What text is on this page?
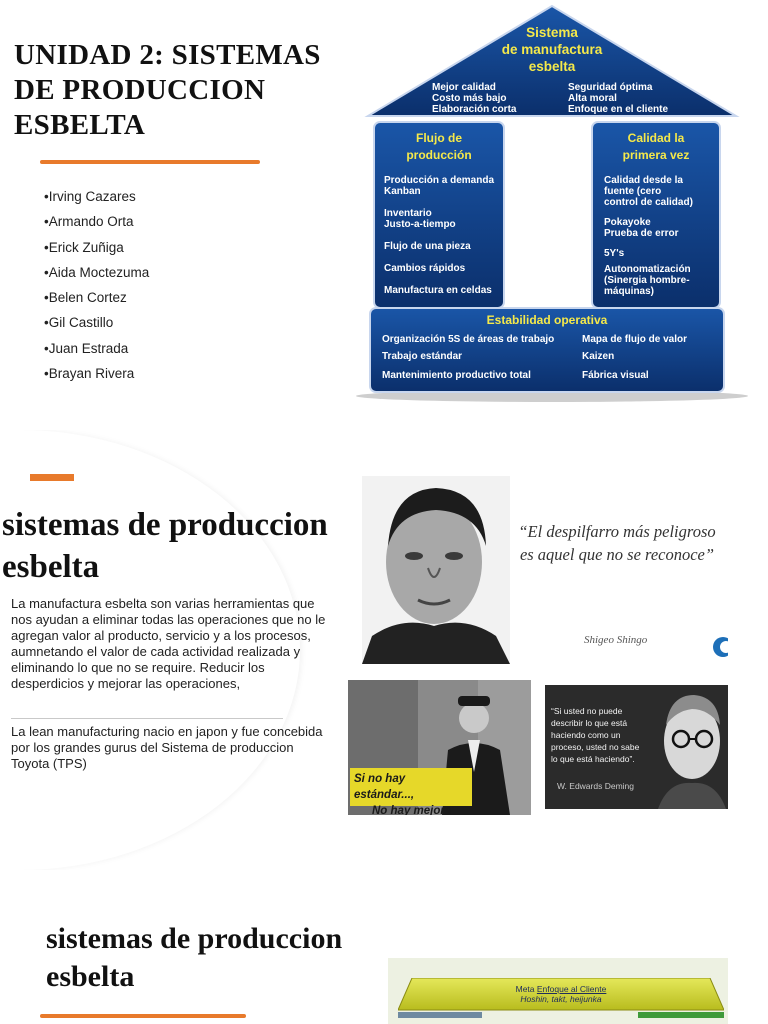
UNIDAD 2: SISTEMAS DE PRODUCCION ESBELTA
•Irving Cazares
•Armando Orta
•Erick Zuñiga
•Aida Moctezuma
•Belen Cortez
•Gil Castillo
•Juan Estrada
•Brayan Rivera
Sistema
de manufactura
esbelta
Mejor calidad
Costo más bajo
Elaboración corta
Seguridad óptima
Alta moral
Enfoque en el cliente
Flujo de
producción
Producción a demanda
Kanban
Inventario
Justo-a-tiempo
Flujo de una pieza
Cambios rápidos
Manufactura en celdas
Calidad la
primera vez
Calidad desde la
fuente (cero
control de calidad)
Pokayoke
Prueba de error
5Y's
Autonomatización
(Sinergia hombre-
máquinas)
Estabilidad operativa
Organización 5S de áreas de trabajo
Trabajo estándar
Mantenimiento productivo total
Mapa de flujo de valor
Kaizen
Fábrica visual
sistemas de produccion esbelta

La manufactura esbelta son varias herramientas que nos ayudan a eliminar todas las operaciones que no le agregan valor al producto, servicio y a los procesos, aumnetando el valor de cada actividad realizada y eliminando lo que no se require. Reducir los desperdicios y mejorar las operaciones,

La lean manufacturing nacio en japon y fue concebida por los grandes gurus del Sistema de produccion Toyota (TPS)

“El despilfarro más peligroso es aquel que no se reconoce”
Shigeo Shingo
Si no hay estándar...,
No hay mejora
“Si usted no puede describir lo que está haciendo como un proceso, usted no sabe lo que está haciendo”.
W. Edwards Deming
sistemas de produccion esbelta	Meta Enfoque al Cliente
Hoshin, takt, heijunka
